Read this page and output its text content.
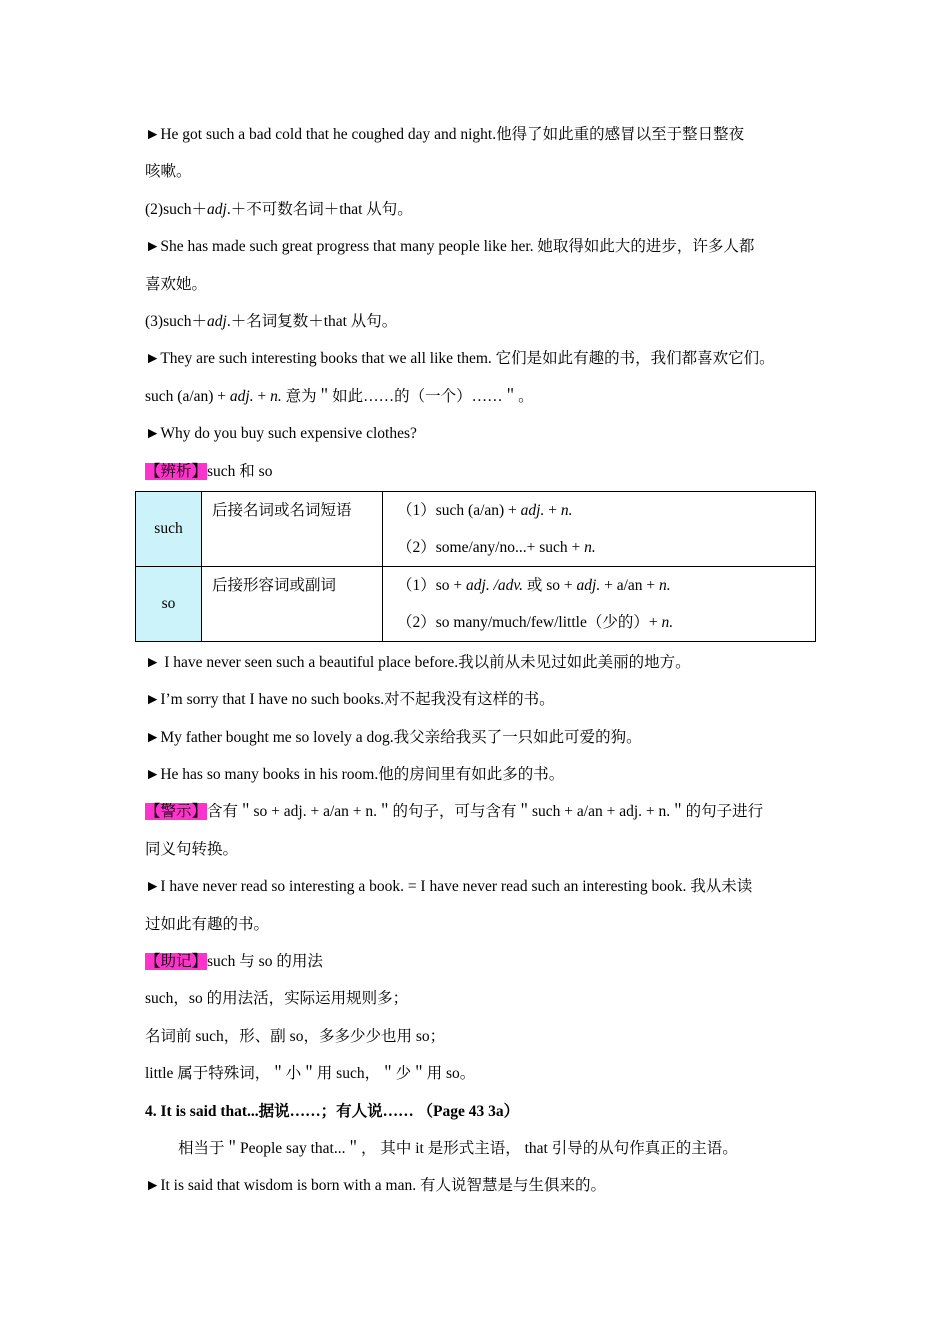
►He got such a bad cold that he coughed day and night.他得了如此重的感冒以至于整日整夜
咳嗽。
(2)such＋adj.＋不可数名词＋that 从句。
►She has made such great progress that many people like her. 她取得如此大的进步，许多人都
喜欢她。
(3)such＋adj.＋名词复数＋that 从句。
►They are such interesting books that we all like them. 它们是如此有趣的书，我们都喜欢它们。
such (a/an) + adj. + n. 意为＂如此……的（一个）……＂。
►Why do you buy such expensive clothes?
【辨析】such 和 so
such	后接名词或名词短语	（1）such (a/an) + adj. + n.
（2）some/any/no...+ such + n.

so	后接形容词或副词	（1）so + adj. /adv. 或 so + adj. + a/an + n.
（2）so many/much/few/little（少的）+ n.
► I have never seen such a beautiful place before.我以前从未见过如此美丽的地方。
►I’m sorry that I have no such books.对不起我没有这样的书。
►My father bought me so lovely a dog.我父亲给我买了一只如此可爱的狗。
►He has so many books in his room.他的房间里有如此多的书。
【警示】含有＂so + adj. + a/an + n.＂的句子，可与含有＂such + a/an + adj. + n.＂的句子进行
同义句转换。
►I have never read so interesting a book. = I have never read such an interesting book. 我从未读
过如此有趣的书。
【助记】such 与 so 的用法
such，so 的用法活，实际运用规则多；
名词前 such，形、副 so，多多少少也用 so；
little 属于特殊词，＂小＂用 such，＂少＂用 so。
4. It is said that...据说……；有人说…… （Page 43 3a）
相当于＂People say that...＂， 其中 it 是形式主语， that 引导的从句作真正的主语。
►It is said that wisdom is born with a man. 有人说智慧是与生俱来的。
